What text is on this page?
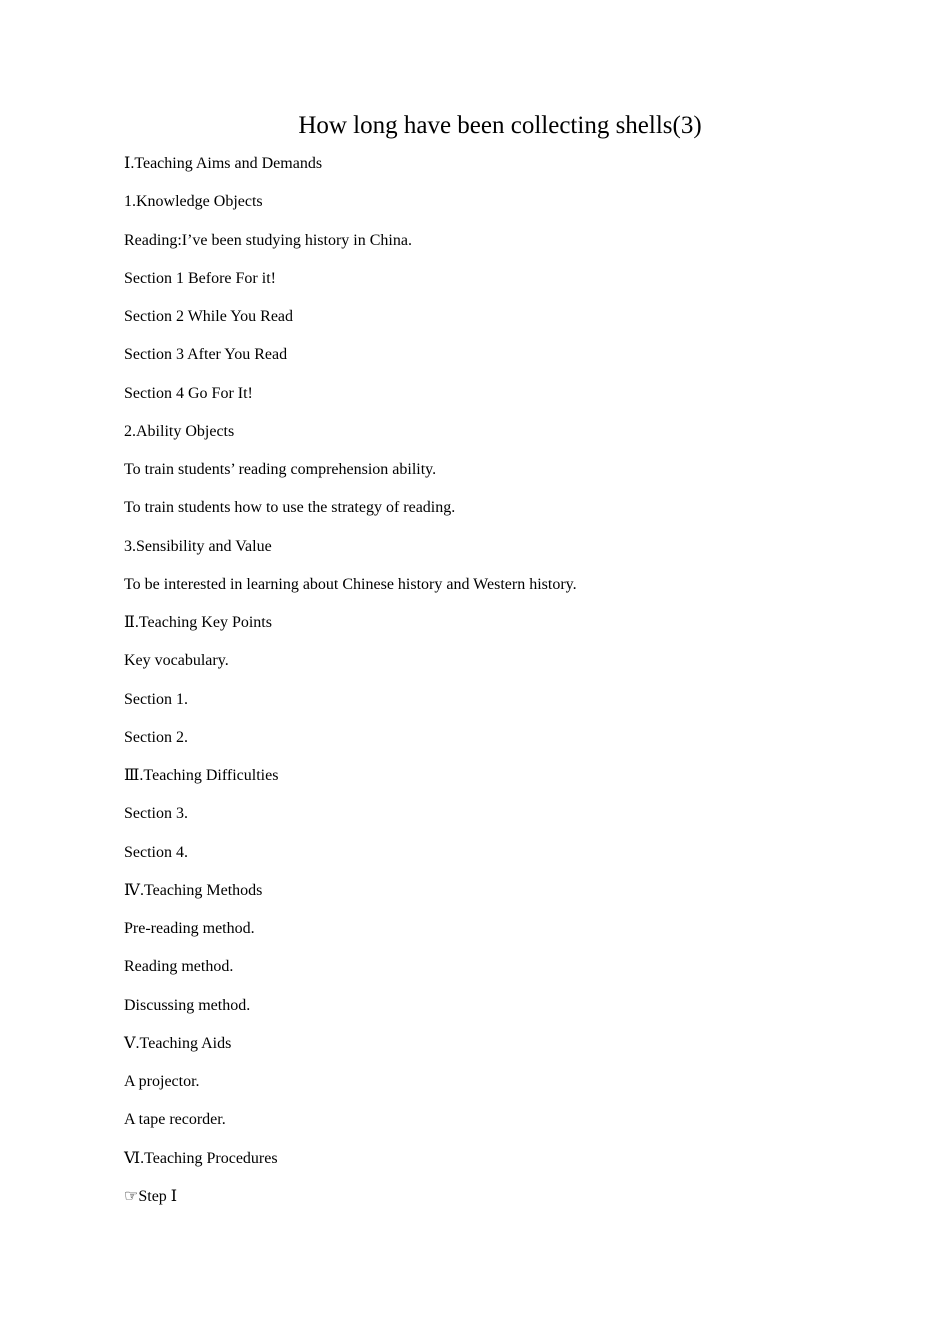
How long have been collecting shells(3)
Ⅰ.Teaching Aims and Demands
1.Knowledge Objects
Reading:I’ve been studying history in China.
Section 1 Before For it!
Section 2 While You Read
Section 3 After You Read
Section 4 Go For It!
2.Ability Objects
To train students’ reading comprehension ability.
To train students how to use the strategy of reading.
3.Sensibility and Value
To be interested in learning about Chinese history and Western history.
Ⅱ.Teaching Key Points
Key vocabulary.
Section 1.
Section 2.
Ⅲ.Teaching Difficulties
Section 3.
Section 4.
Ⅳ.Teaching Methods
Pre-reading method.
Reading method.
Discussing method.
Ⅴ.Teaching Aids
A projector.
A tape recorder.
Ⅵ.Teaching Procedures
☞Step Ⅰ
